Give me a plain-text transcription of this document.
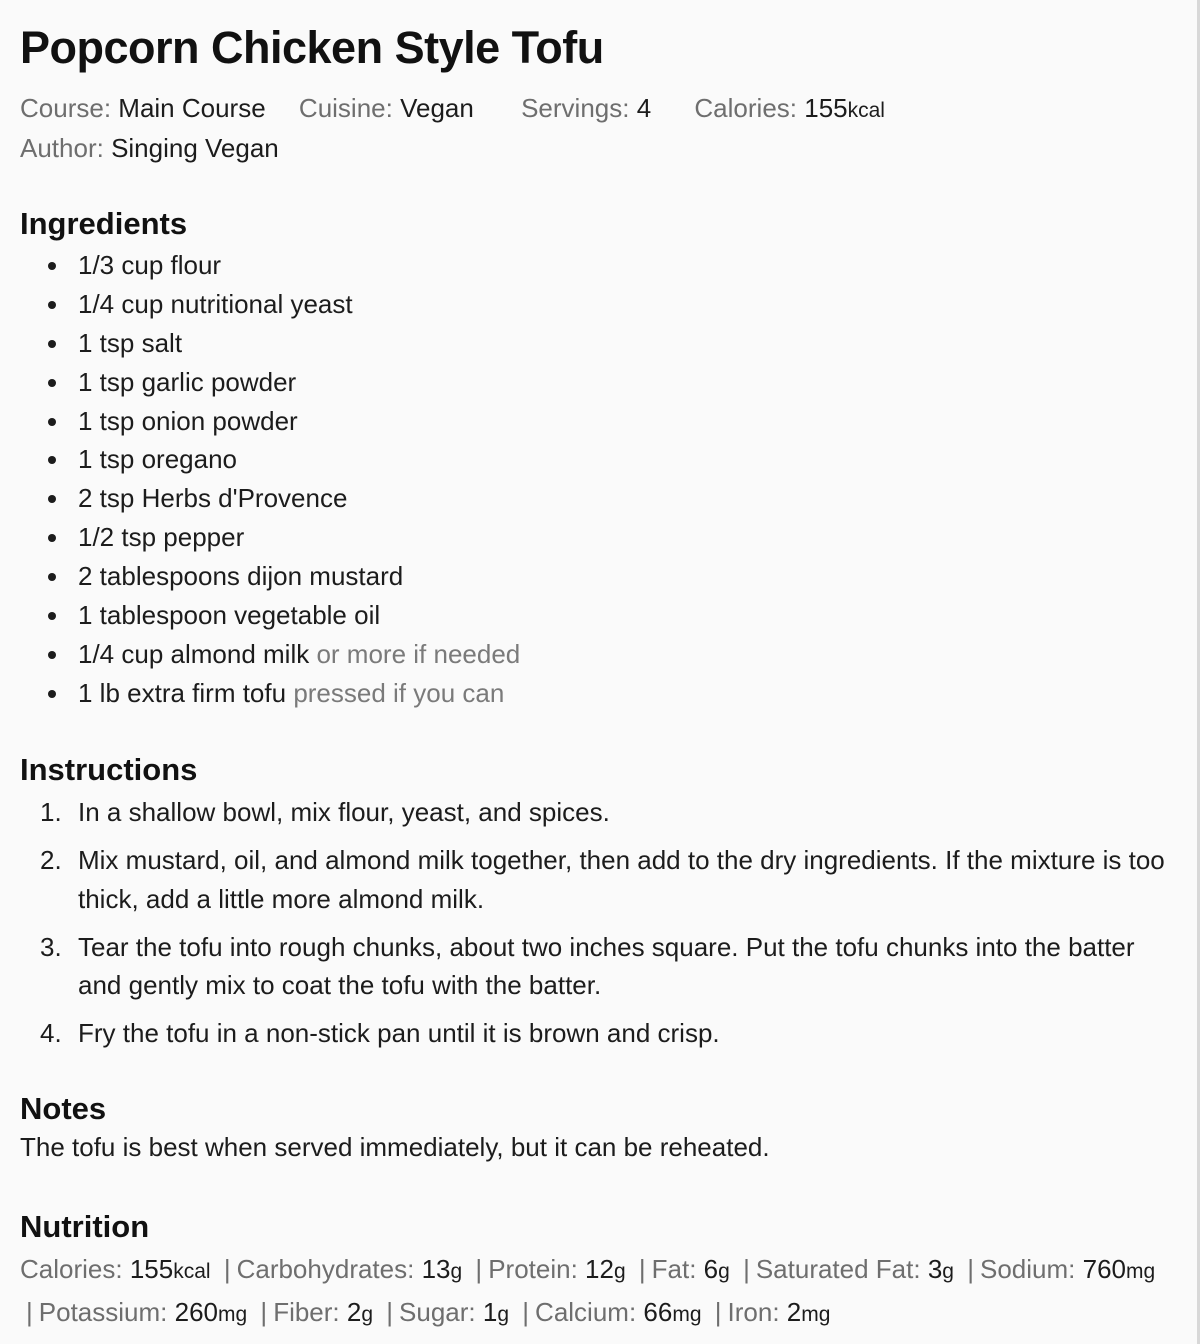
Popcorn Chicken Style Tofu
Course: Main Course Cuisine: Vegan Servings: 4 Calories: 155kcal
Author: Singing Vegan
Ingredients
1/3 cup flour
1/4 cup nutritional yeast
1 tsp salt
1 tsp garlic powder
1 tsp onion powder
1 tsp oregano
2 tsp Herbs d'Provence
1/2 tsp pepper
2 tablespoons dijon mustard
1 tablespoon vegetable oil
1/4 cup almond milk or more if needed
1 lb extra firm tofu pressed if you can
Instructions
1. In a shallow bowl, mix flour, yeast, and spices.
2. Mix mustard, oil, and almond milk together, then add to the dry ingredients. If the mixture is too thick, add a little more almond milk.
3. Tear the tofu into rough chunks, about two inches square. Put the tofu chunks into the batter and gently mix to coat the tofu with the batter.
4. Fry the tofu in a non-stick pan until it is brown and crisp.
Notes
The tofu is best when served immediately, but it can be reheated.
Nutrition
Calories: 155kcal | Carbohydrates: 13g | Protein: 12g | Fat: 6g | Saturated Fat: 3g | Sodium: 760mg | Potassium: 260mg | Fiber: 2g | Sugar: 1g | Calcium: 66mg | Iron: 2mg
